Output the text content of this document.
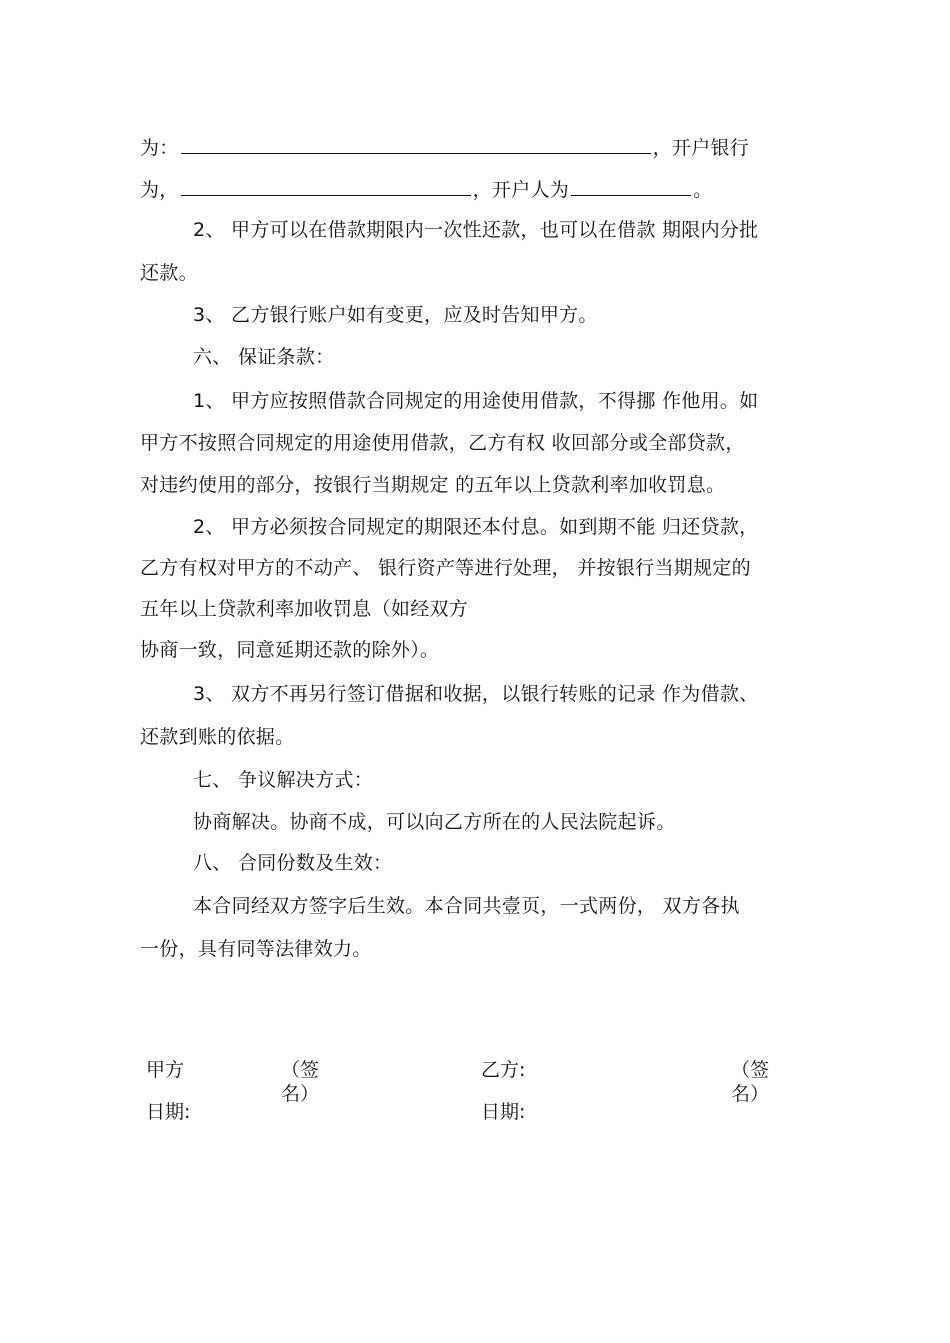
为：	，开户银行
为，	，开户人为	。
2、 甲方可以在借款期限内一次性还款，也可以在借款 期限内分批
还款。
3、 乙方银行账户如有变更，应及时告知甲方。
六、 保证条款：
1、 甲方应按照借款合同规定的用途使用借款，不得挪 作他用。如
甲方不按照合同规定的用途使用借款，乙方有权 收回部分或全部贷款，
对违约使用的部分，按银行当期规定 的五年以上贷款利率加收罚息。
2、 甲方必须按合同规定的期限还本付息。如到期不能 归还贷款，
乙方有权对甲方的不动产、 银行资产等进行处理， 并按银行当期规定的
五年以上贷款利率加收罚息（如经双方
协商一致，同意延期还款的除外）。
3、 双方不再另行签订借据和收据，以银行转账的记录 作为借款、
还款到账的依据。
七、 争议解决方式：
协商解决。协商不成，可以向乙方所在的人民法院起诉。
八、 合同份数及生效：
本合同经双方签字后生效。本合同共壹页，一式两份， 双方各执
一份，具有同等法律效力。
甲方	（签
名）
日期:
乙方:	（签
名）
日期:
